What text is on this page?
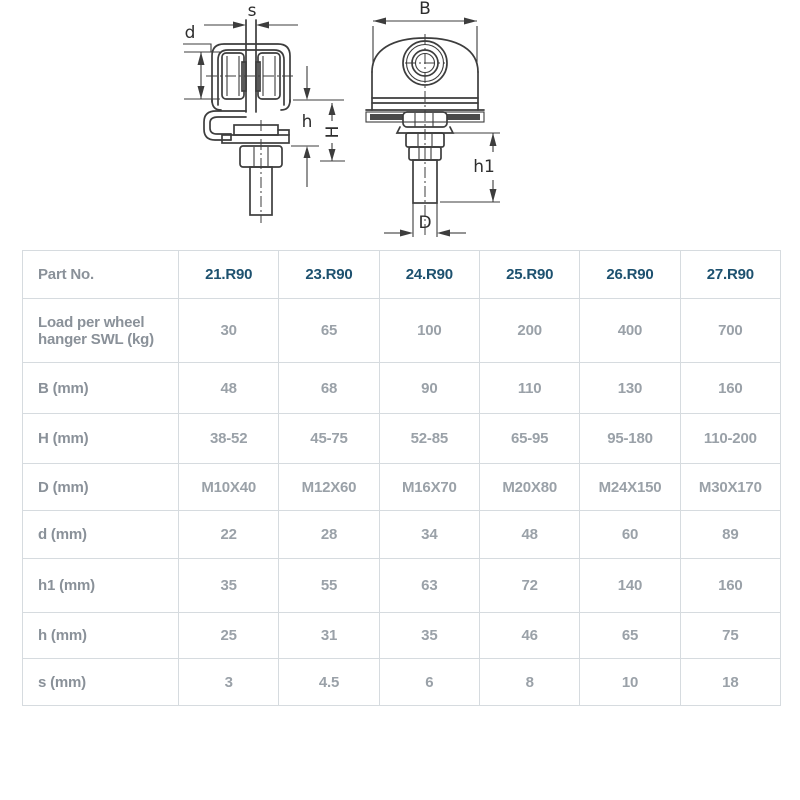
s
d
h H
B
h1
D
Part No.	21.R90	23.R90	24.R90	25.R90	26.R90	27.R90
Load per wheel hanger SWL (kg)	30	65	100	200	400	700
B (mm)	48	68	90	110	130	160
H (mm)	38-52	45-75	52-85	65-95	95-180	110-200
D (mm)	M10X40	M12X60	M16X70	M20X80	M24X150	M30X170
d (mm)	22	28	34	48	60	89
h1 (mm)	35	55	63	72	140	160
h (mm)	25	31	35	46	65	75
s (mm)	3	4.5	6	8	10	18
